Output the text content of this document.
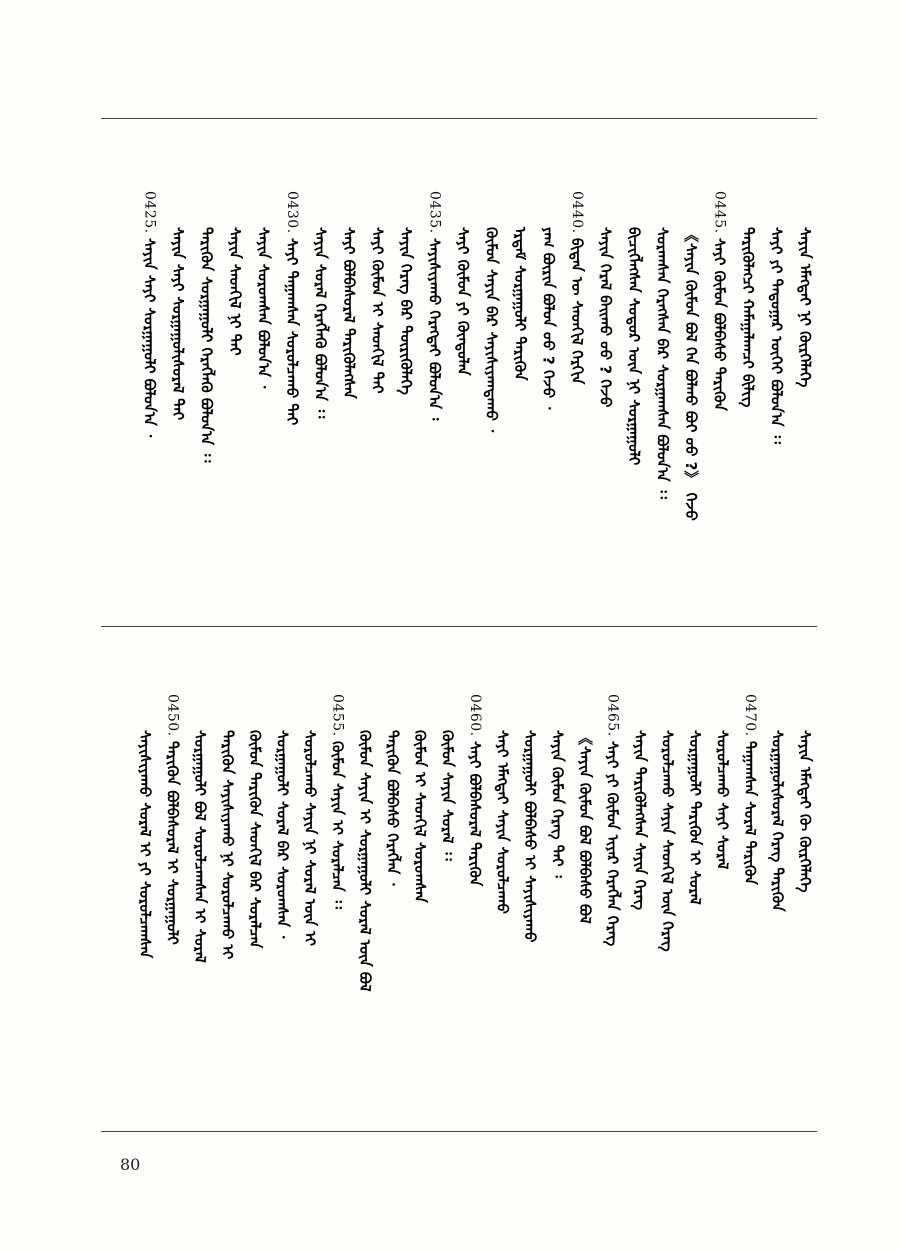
ᠰᠠᠶᠢᠨ ᠡᠮᠡᠭᠲᠡᠶ ᠨᠢ ᠬᠦᠷᠭᠡᠯᠡᠭᠡ
ᠰᠠᠶᠢ ᠶᠢ ᠲᠠᠳᠤᠭᠠᠷ ᠦᠭᠡᠢ ᠪᠣᠯᠤᠨ᠎ᠠ ᠄᠄
ᠲᠡᠷᠢᠭᠦᠯᠡᠭᠴᠢ ᠬᠠᠮᠠᠭᠠᠯᠠᠭᠴᠢ ᠪᠢᠯᠢᠭ
0445.ᠰᠠᠶᠢ ᠬᠦᠮᠦᠨ ᠪᠣᠯᠪᠠᠰᠤ ᠲᠡᠷᠢᠭᠦᠨ
《ᠰᠠᠶᠢᠨ ᠬᠦᠮᠦᠨ ᠪᠣᠯ ᠬᠡᠨ ᠪᠣᠯᠬᠤ ᠪᠤᠢ ᠤᠤ ?》 ᠭᠡᠵᠦ
ᠰᠤᠷᠠᠭᠰᠠᠨ ᠭᠡᠷᠡᠭᠰᠡᠨ ᠪᠡᠷ ᠰᠤᠷᠭᠠᠭᠰᠠᠨ ᠪᠣᠯᠤᠨ᠎ᠠ ᠄᠄
ᠪᠢᠴᠢᠭᠯᠡᠭᠰᠡᠨ ᠰᠤᠳᠤᠷ ᠦᠨ ᠨᠢ ᠰᠤᠷᠭᠠᠭᠤᠯᠢ
ᠰᠠᠶᠢᠨ ᠭᠡᠷᠡᠯ ᠪᠠᠢᠬᠤ ᠤᠤ ? ᠭᠡᠵᠦ
0440.ᠪᠢᠳᠡᠨ ᠦ ᠰᠡᠳᠬᠢᠯ ᠬᠡᠷᠬᠢᠨ
ᠶᠠᠭ ᠪᠦᠷᠢᠨ ᠪᠣᠯᠤᠨ ᠤᠤ ? ᠭᠡᠵᠦ ᠂
ᠡᠷᠳᠡᠮ ᠰᠤᠷᠭᠠᠭᠤᠯᠢ ᠲᠡᠷᠢᠭᠦᠨ
ᠬᠦᠮᠦᠨ ᠰᠠᠶᠢᠨ ᠪᠡᠷ ᠰᠠᠶᠢᠰᠢᠶᠠᠭᠳᠠᠬᠤ ᠂
ᠰᠠᠶᠢ ᠬᠦᠮᠦᠨ ᠶᠢ ᠬᠦᠨᠳᠦᠯᠡᠨ
0435.ᠰᠠᠶᠢᠰᠢᠶᠠᠬᠤ ᠬᠡᠷᠡᠭᠲᠡᠢ ᠪᠣᠯᠤᠨ᠎ᠠ ᠄
ᠰᠠᠶᠢᠨ ᠬᠡᠷᠡᠭ ᠪᠡᠷ ᠳᠦᠷᠢᠭᠦᠯᠡᠭᠡ
ᠰᠠᠶᠢ ᠬᠦᠮᠦᠨ ᠢ ᠰᠡᠳᠬᠢᠯ ᠲᠡᠢ
ᠰᠠᠶᠢ ᠪᠣᠯᠪᠠᠰᠤᠷᠠᠯ ᠲᠡᠷᠢᠭᠦᠯᠡᠭᠰᠡᠨ
ᠰᠠᠶᠢᠨ ᠰᠤᠷᠠᠯ ᠬᠡᠷᠡᠭᠯᠡᠬᠦ ᠪᠣᠯᠤᠨ᠎ᠠ ᠄᠄
0430.ᠰᠠᠶᠢ ᠳᠠᠭᠠᠭᠰᠠᠨ ᠰᠤᠷᠤᠯᠴᠠᠬᠤ ᠲᠡᠢ
ᠰᠠᠶᠢᠨ ᠰᠤᠷᠤᠭᠰᠠᠨ ᠪᠣᠯᠤᠨ᠎ᠠ ᠂
ᠰᠠᠶᠢᠨ ᠰᠡᠳᠬᠢᠯ ᠨᠢ ᠲᠡᠢ
ᠲᠡᠷᠢᠭᠦᠨ ᠰᠤᠷᠭᠠᠭᠤᠯᠢ ᠬᠡᠷᠡᠭᠯᠡᠬᠦ ᠪᠣᠯᠤᠨ᠎ᠠ ᠄᠄
ᠰᠠᠶᠢᠨ ᠰᠠᠶᠢ ᠰᠤᠷᠭᠠᠭᠤᠯᠢᠰᠤᠷᠠᠯ ᠲᠡᠢ
0425.ᠰᠠᠶᠢᠨ ᠰᠠᠶᠢ ᠰᠤᠷᠭᠠᠭᠤᠯᠢ ᠪᠣᠯᠤᠨ᠎ᠠ ᠂
ᠰᠠᠶᠢᠨ ᠡᠮᠡᠭᠲᠡᠶ ᠬᠦ ᠬᠦᠷᠭᠡᠯᠡᠭᠡ
ᠰᠤᠷᠭᠠᠭᠤᠯᠢᠰᠤᠷᠠᠯ ᠬᠡᠷᠡᠭ ᠲᠡᠷᠢᠭᠦᠨ
0470.ᠳᠠᠭᠠᠭᠰᠠᠨ ᠰᠤᠷᠠᠯ ᠲᠡᠷᠢᠭᠦᠨ
ᠰᠤᠷᠤᠯᠴᠠᠬᠤ ᠰᠠᠶᠢ ᠰᠤᠷᠠᠯ
ᠰᠤᠷᠭᠠᠭᠤᠯᠢ ᠲᠡᠷᠢᠭᠦᠨ ᠢ ᠰᠤᠷᠠᠯ
ᠰᠤᠷᠤᠯᠴᠠᠬᠤ ᠰᠠᠶᠢᠨ ᠰᠡᠳᠬᠢᠯ ᠦᠨ ᠬᠡᠷᠡᠭ
ᠰᠠᠶᠢᠨ ᠲᠡᠷᠢᠭᠦᠯᠡᠭᠰᠡᠨ ᠰᠠᠶᠢᠨ ᠬᠡᠷᠡᠭ
0465.ᠰᠠᠶᠢ ᠶᠢ ᠬᠦᠮᠦᠨ ᠢᠶᠡᠷ ᠬᠡᠷᠡᠭᠯᠡᠨ ᠬᠡᠷᠡᠭ
《ᠰᠠᠶᠢᠨ ᠬᠦᠮᠦᠨ ᠪᠣᠯ ᠪᠣᠯᠪᠠᠰᠤ ᠪᠣᠯ
ᠰᠠᠶᠢᠨ ᠬᠦᠮᠦᠨ ᠬᠡᠷᠡᠭ ᠲᠡᠢ ᠄
ᠰᠤᠷᠭᠠᠭᠤᠯᠢ ᠪᠣᠯᠪᠠᠰᠤ ᠢ ᠰᠠᠶᠢᠰᠢᠶᠠᠬᠤ
ᠰᠠᠶᠢ ᠡᠮᠡᠭᠲᠡᠢ ᠰᠠᠶᠢᠨ ᠰᠤᠷᠤᠯᠴᠠᠬᠤ
0460.ᠰᠠᠶᠢ ᠪᠣᠯᠪᠠᠰᠤᠷᠠᠯ ᠲᠡᠷᠢᠭᠦᠨ
ᠬᠦᠮᠦᠨ ᠰᠠᠶᠢᠨ ᠰᠤᠷᠠᠯ ᠄᠄
ᠬᠦᠮᠦᠨ ᠢ ᠰᠡᠳᠬᠢᠯ ᠰᠤᠷᠤᠭᠰᠠᠨ
ᠲᠡᠷᠢᠭᠦᠨ ᠪᠣᠯᠪᠠᠰᠤ ᠬᠡᠷᠡᠭᠯᠡᠨ ᠂
ᠬᠦᠮᠦᠨ ᠰᠠᠶᠢᠨ ᠢ ᠰᠤᠷᠭᠠᠭᠤᠯᠢ ᠰᠤᠷᠠᠯ ᠦᠨ ᠪᠣᠯ
0455.ᠬᠦᠮᠦᠨ ᠰᠠᠶᠢᠨ ᠢ ᠰᠤᠷᠠᠯᠴᠠᠨ ᠄᠄
ᠰᠤᠷᠤᠯᠴᠠᠬᠤ ᠰᠠᠶᠢᠨ ᠨᠢ ᠰᠤᠷᠠᠯ ᠦᠨ ᠢ
ᠰᠤᠷᠭᠠᠭᠤᠯᠢ ᠰᠤᠷᠠᠯ ᠪᠡᠷ ᠰᠤᠷᠤᠭᠰᠠᠨ ᠂
ᠬᠦᠮᠦᠨ ᠲᠡᠷᠢᠭᠦᠨ ᠰᠡᠳᠬᠢᠯ ᠪᠡᠷ ᠰᠤᠷᠠᠯᠴᠠᠨ
ᠲᠡᠷᠢᠭᠦᠨ ᠰᠠᠶᠢᠰᠢᠶᠠᠬᠤ ᠨᠢ ᠰᠤᠷᠤᠯᠴᠠᠬᠤ ᠢ
ᠰᠤᠷᠭᠠᠭᠤᠯᠢ ᠪᠣᠯ ᠰᠤᠷᠤᠯᠴᠠᠭᠰᠠᠨ ᠢ ᠰᠤᠷᠠᠯ
0450.ᠲᠡᠷᠢᠭᠦᠨ ᠪᠣᠯᠪᠠᠰᠤᠷᠠᠯ ᠢ ᠰᠤᠷᠭᠠᠭᠤᠯᠢ
ᠰᠠᠶᠢᠰᠢᠶᠠᠬᠤ ᠰᠤᠷᠠᠯ ᠢ ᠶᠢ ᠰᠤᠷᠤᠯᠴᠠᠭᠰᠠᠨ
80
